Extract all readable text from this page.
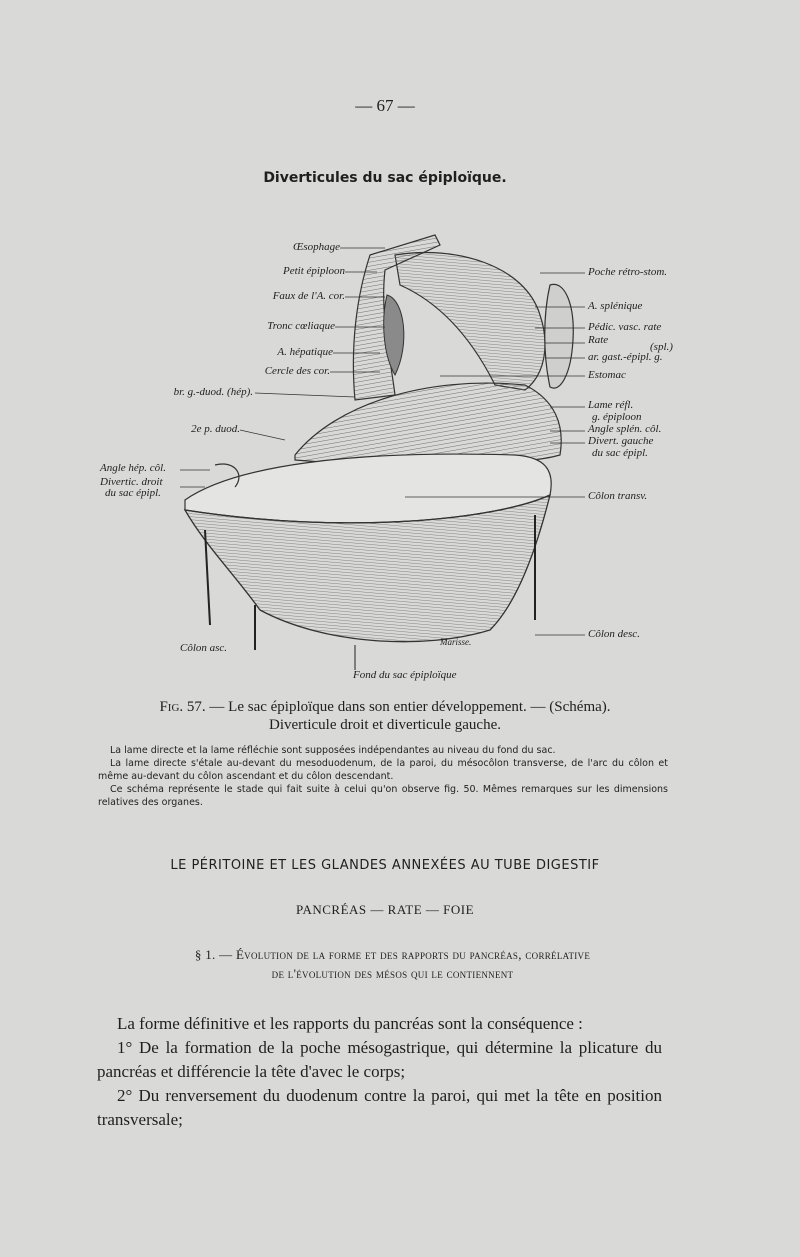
— 67 —
Diverticules du sac épiploïque.
Œsophage
Petit épiploon
Faux de l'A. cor.
Tronc cœliaque
A. hépatique
Cercle des cor.
br. g.-duod. (hép).
2e p. duod.
Angle hép. côl.
Divertic. droit
du sac épipl.
Poche rétro-stom.
A. splénique
Pédic. vasc. rate
Rate
(spl.)
ar. gast.-épipl. g.
Estomac
Lame réfl.
g. épiploon
Angle splén. côl.
Divert. gauche
du sac épipl.
Côlon transv.
Côlon desc.
Côlon asc.
Fond du sac épiploïque
Marisse.
Fig. 57. — Le sac épiploïque dans son entier développement. — (Schéma).
Diverticule droit et diverticule gauche.

La lame directe et la lame réfléchie sont supposées indépendantes au niveau du fond du sac.

La lame directe s'étale au-devant du mesoduodenum, de la paroi, du mésocôlon transverse, de l'arc du côlon et même au-devant du côlon ascendant et du côlon descendant.

Ce schéma représente le stade qui fait suite à celui qu'on observe fig. 50. Mêmes remarques sur les dimensions relatives des organes.

LE PÉRITOINE ET LES GLANDES ANNEXÉES AU TUBE DIGESTIF
PANCRÉAS — RATE — FOIE
§ 1. — Évolution de la forme et des rapports du pancréas, corrélative
de l'évolution des mésos qui le contiennent

La forme définitive et les rapports du pancréas sont la conséquence :

1° De la formation de la poche mésogastrique, qui détermine la plicature du pancréas et différencie la tête d'avec le corps;

2° Du renversement du duodenum contre la paroi, qui met la tête en position transversale;
